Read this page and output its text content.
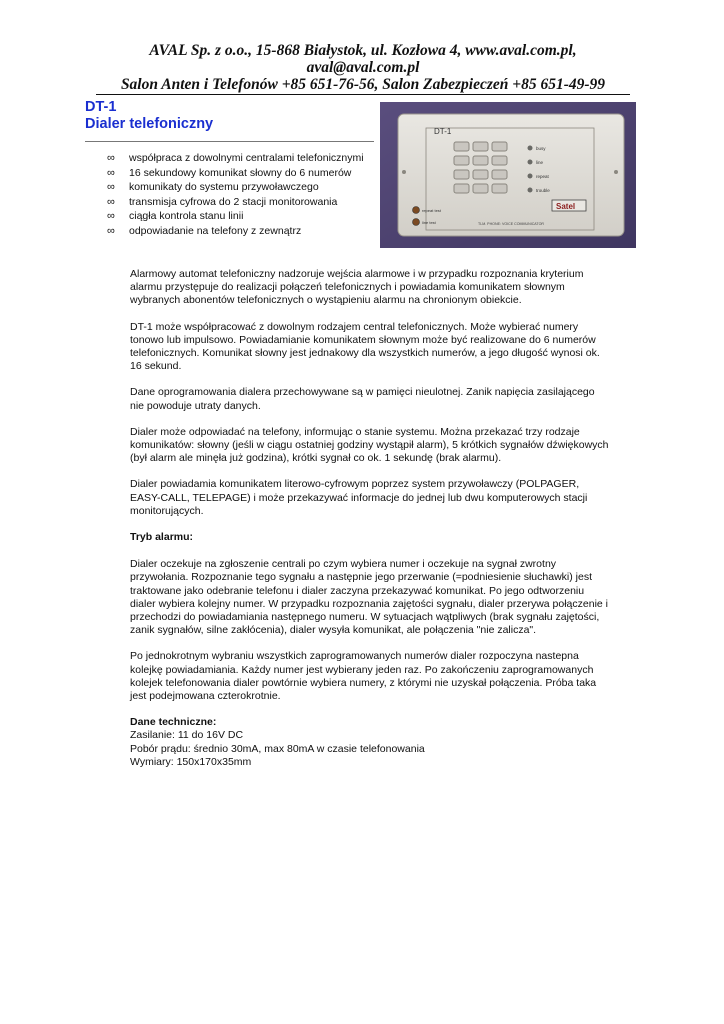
AVAL Sp. z o.o., 15-868 Białystok, ul. Kozłowa 4, www.aval.com.pl, aval@aval.com.pl
Salon Anten i Telefonów +85 651-76-56, Salon Zabezpieczeń +85 651-49-99
DT-1
Dialer telefoniczny
∞ współpraca z dowolnymi centralami telefonicznymi
∞ 16 sekundowy komunikat słowny do 6 numerów
∞ komunikaty do systemu przywoławczego
∞ transmisja cyfrowa do 2 stacji monitorowania
∞ ciągła kontrola stanu linii
∞ odpowiadanie na telefony z zewnątrz
DT-1
busy
line
repeat
trouble
repeat test
line test
Satel
TLM. PHONE: VOICE COMMUNICATOR

Alarmowy automat telefoniczny nadzoruje wejścia alarmowe i w przypadku rozpoznania kryterium alarmu przystępuje do realizacji połączeń telefonicznych i powiadamia komunikatem słownym wybranych abonentów telefonicznych o wystąpieniu alarmu na chronionym obiekcie.

DT-1 może współpracować z dowolnym rodzajem central telefonicznych. Może wybierać numery tonowo lub impulsowo. Powiadamianie komunikatem słownym może być realizowane do 6 numerów telefonicznych. Komunikat słowny jest jednakowy dla wszystkich numerów, a jego długość wynosi ok. 16 sekund.

Dane oprogramowania dialera przechowywane są w pamięci nieulotnej. Zanik napięcia zasilającego nie powoduje utraty danych.

Dialer może odpowiadać na telefony, informując o stanie systemu. Można przekazać trzy rodzaje komunikatów: słowny (jeśli w ciągu ostatniej godziny wystąpił alarm), 5 krótkich sygnałów dźwiękowych (był alarm ale minęła już godzina), krótki sygnał co ok. 1 sekundę (brak alarmu).

Dialer powiadamia komunikatem literowo-cyfrowym poprzez system przywoławczy (POLPAGER, EASY-CALL, TELEPAGE) i może przekazywać informacje do jednej lub dwu komputerowych stacji monitorujących.

Tryb alarmu:

Dialer oczekuje na zgłoszenie centrali po czym wybiera numer i oczekuje na sygnał zwrotny przywołania. Rozpoznanie tego sygnału a następnie jego przerwanie (=podniesienie słuchawki) jest traktowane jako odebranie telefonu i dialer zaczyna przekazywać komunikat. Po jego odtworzeniu dialer wybiera kolejny numer. W przypadku rozpoznania zajętości sygnału, dialer przerywa połączenie i przechodzi do powiadamiania następnego numeru. W sytuacjach wątpliwych (brak sygnału zajętości, zanik sygnałów, silne zakłócenia), dialer wysyła komunikat, ale połączenia "nie zalicza".

Po jednokrotnym wybraniu wszystkich zaprogramowanych numerów dialer rozpoczyna nastepna kolejkę powiadamiania. Każdy numer jest wybierany jeden raz. Po zakończeniu zaprogramowanych kolejek telefonowania dialer powtórnie wybiera numery, z którymi nie uzyskał połączenia. Próba taka jest podejmowana czterokrotnie.

Dane techniczne:

Zasilanie: 11 do 16V DC

Pobór prądu: średnio 30mA, max 80mA w czasie telefonowania

Wymiary: 150x170x35mm
